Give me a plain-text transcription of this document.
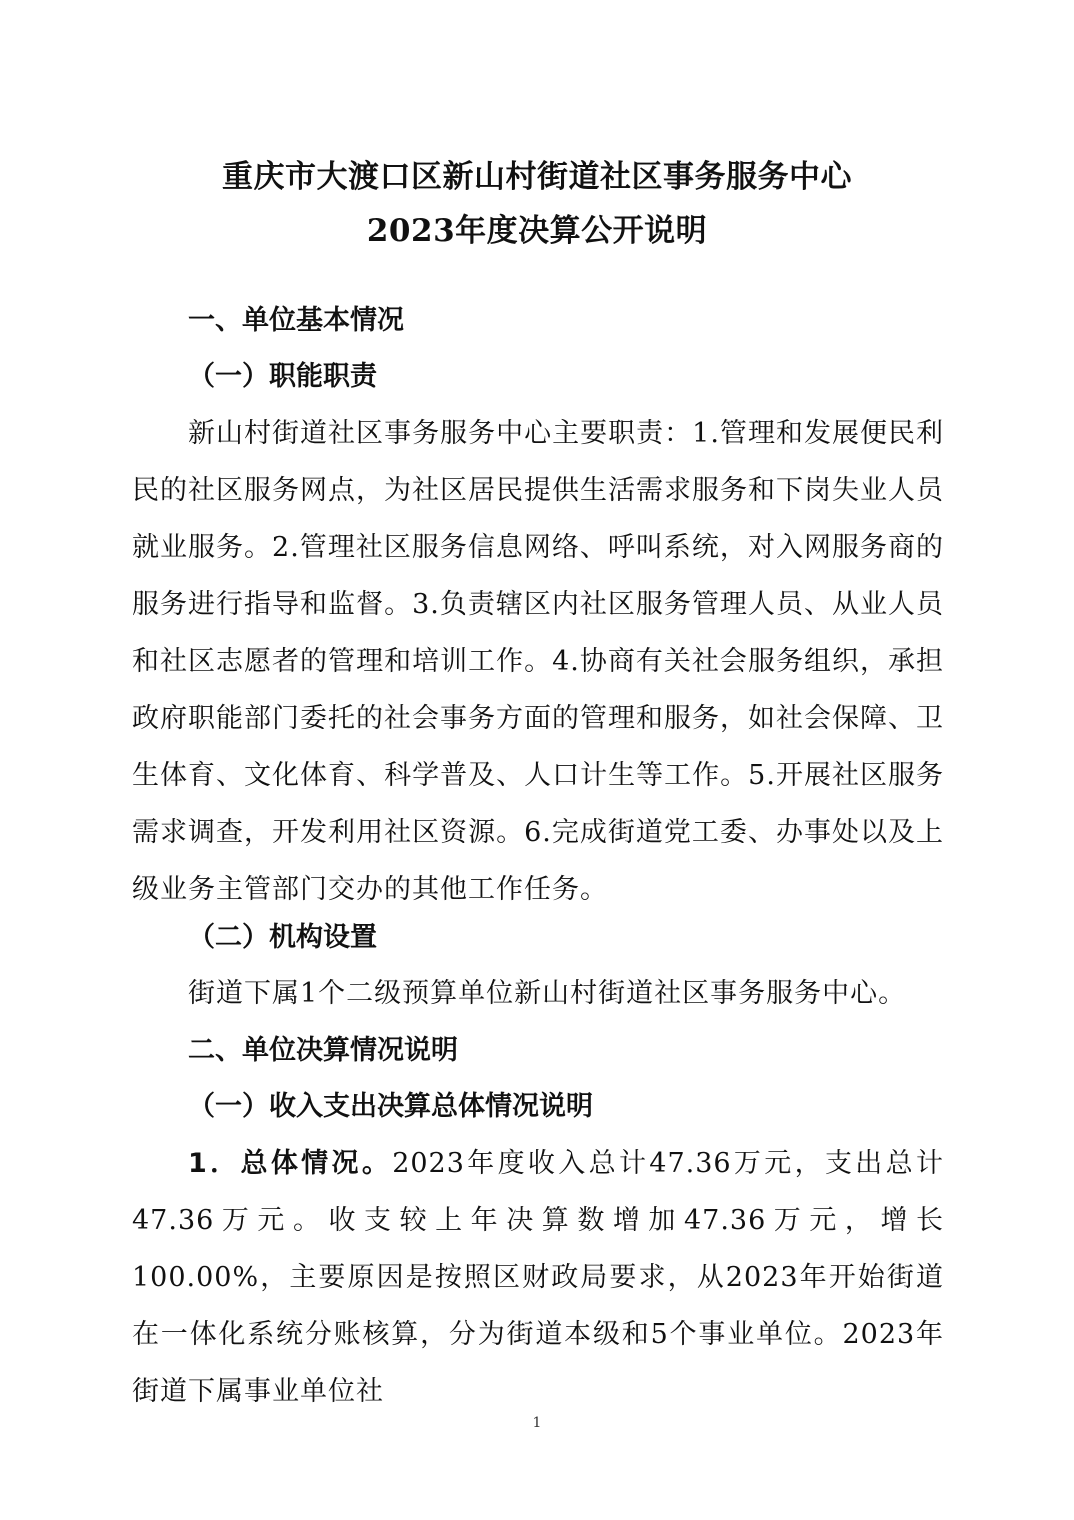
重庆市大渡口区新山村街道社区事务服务中心
2023年度决算公开说明
一、单位基本情况
（一）职能职责

新山村街道社区事务服务中心主要职责：1.管理和发展便民利民的社区服务网点，为社区居民提供生活需求服务和下岗失业人员就业服务。2.管理社区服务信息网络、呼叫系统，对入网服务商的服务进行指导和监督。3.负责辖区内社区服务管理人员、从业人员和社区志愿者的管理和培训工作。4.协商有关社会服务组织，承担政府职能部门委托的社会事务方面的管理和服务，如社会保障、卫生体育、文化体育、科学普及、人口计生等工作。5.开展社区服务需求调查，开发利用社区资源。6.完成街道党工委、办事处以及上级业务主管部门交办的其他工作任务。

（二）机构设置

街道下属1个二级预算单位新山村街道社区事务服务中心。

二、单位决算情况说明
（一）收入支出决算总体情况说明

1．总体情况。2023年度收入总计47.36万元，支出总计47.36万元。收支较上年决算数增加47.36万元，增长100.00%，主要原因是按照区财政局要求，从2023年开始街道在一体化系统分账核算，分为街道本级和5个事业单位。2023年街道下属事业单位社

1
